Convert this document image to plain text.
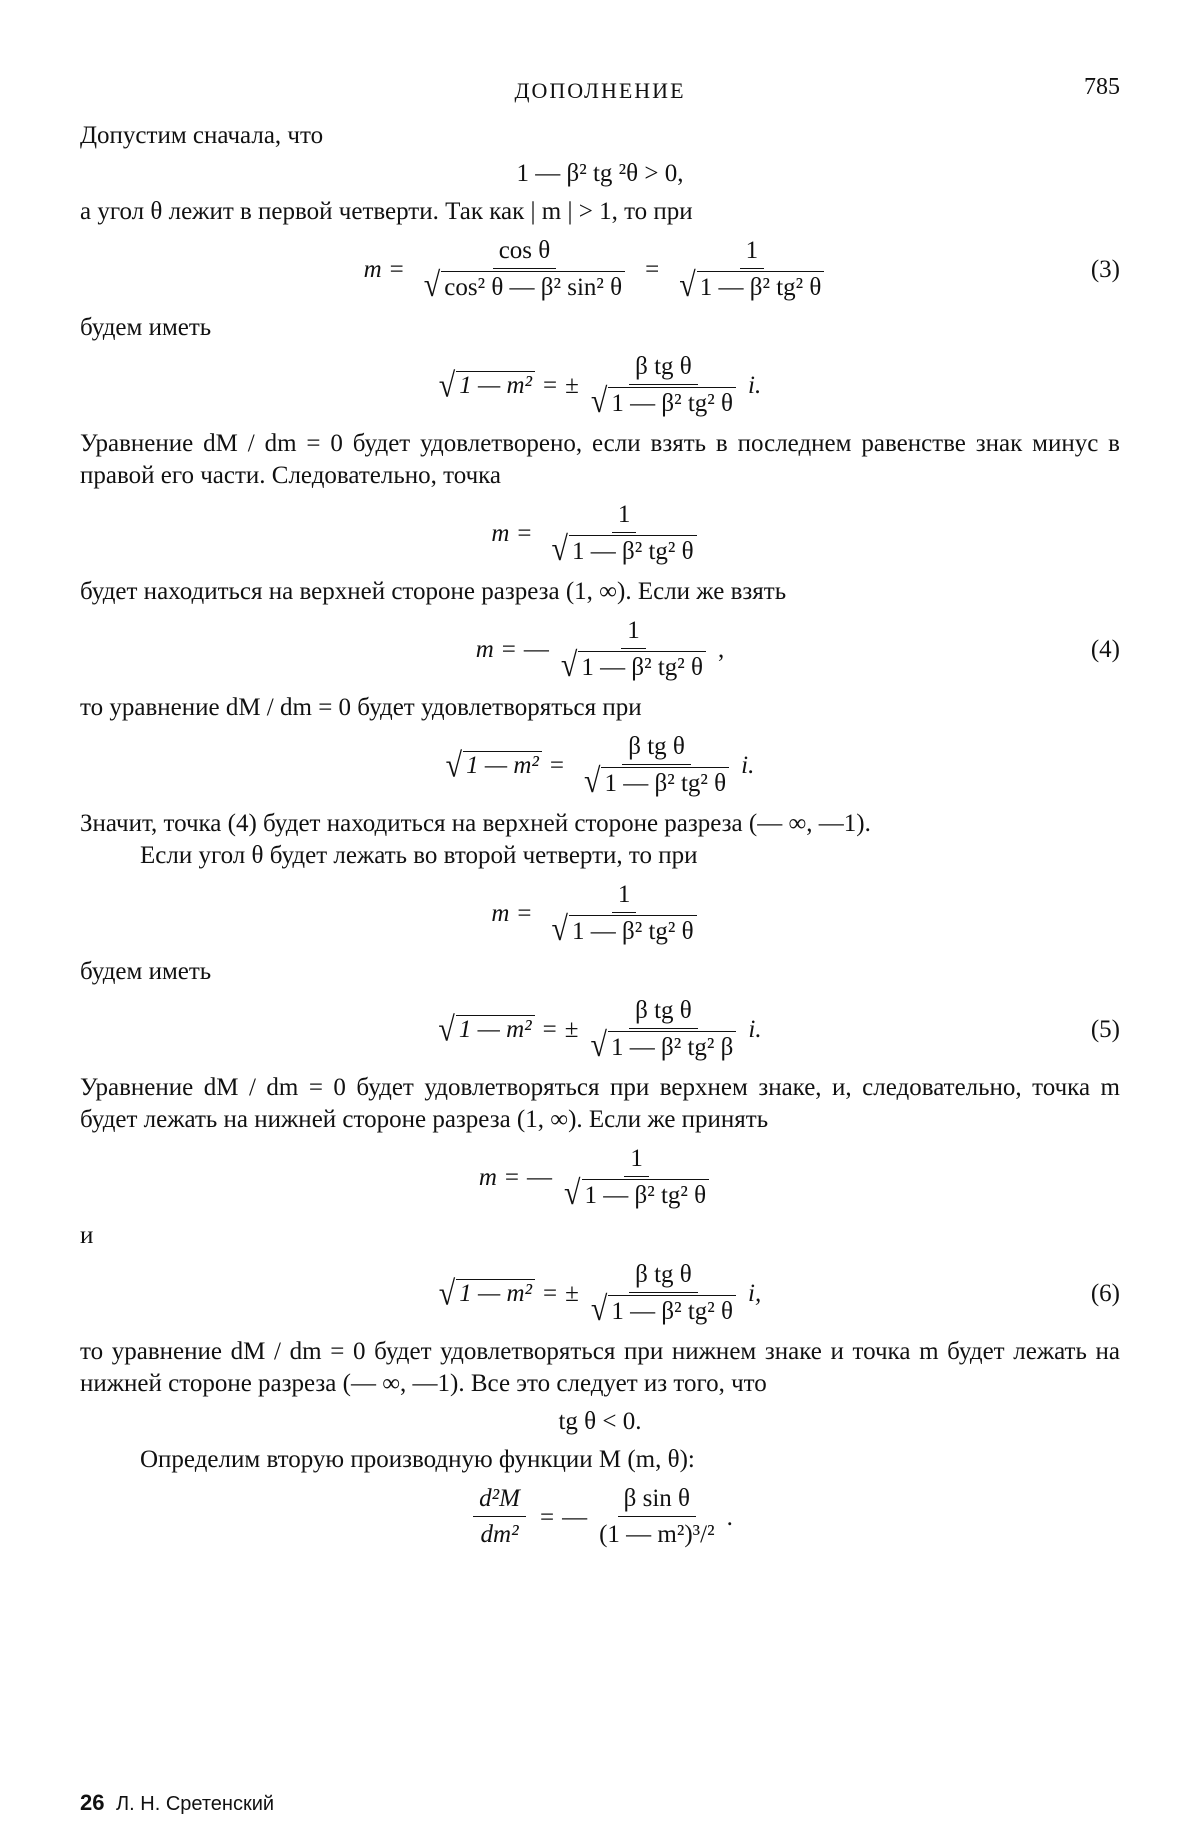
ДОПОЛНЕНИЕ	785

Допустим сначала, что

1 — β² tg ²θ > 0,

а угол θ лежит в первой четверти. Так как | m | > 1, то при

$m = \frac{\text{cos θ}}{\text{√ cos² θ — β² sin² θ}} = \frac{1}{\text{√ 1 — β² tg² θ}}$	(3)

будем иметь

√ 1 — m² = ± $\frac{\text{β tg θ}}{\text{√ 1 — β² tg² θ}} i$.

Уравнение dM / dm = 0 будет удовлетворено, если взять в последнем равенстве знак минус в правой его части. Следовательно, точка

$m = \frac{1}{\text{√ 1 — β² tg² θ}}$

будет находиться на верхней стороне разреза (1, ∞). Если же взять

m = — $\frac{1}{\text{√ 1 — β² tg² θ}}$ ,	(4)

то уравнение dM / dm = 0 будет удовлетворяться при

√ 1 — $m^2 = \frac{\text{β tg θ}}{\text{√ 1 — β² tg² θ}} i$.

Значит, точка (4) будет находиться на верхней стороне разреза (— ∞, —1).

Если угол θ будет лежать во второй четверти, то при

$m = \frac{1}{\text{√ 1 — β² tg² θ}}$

будем иметь

√ 1 — m² = ± $\frac{\text{β tg θ}}{\text{√ 1 — β² tg² β}} i$.	(5)

Уравнение dM / dm = 0 будет удовлетворяться при верхнем знаке, и, следовательно, точка m будет лежать на нижней стороне разреза (1, ∞). Если же принять

m = — $\frac{1}{\text{√ 1 — β² tg² θ}}$

и

√ 1 — m² = ± $\frac{\text{β tg θ}}{\text{√ 1 — β² tg² θ}} i$,	(6)

то уравнение dM / dm = 0 будет удовлетворяться при нижнем знаке и точка m будет лежать на нижней стороне разреза (— ∞, —1). Все это следует из того, что

tg θ < 0.

Определим вторую производную функции M (m, θ):

$\frac{\text{d²M}}{\text{dm²}}$ = — $\frac{\text{β sin θ}}{\text{(1 — m²)³/²}}$ .
26 Л. Н. Сретенский
